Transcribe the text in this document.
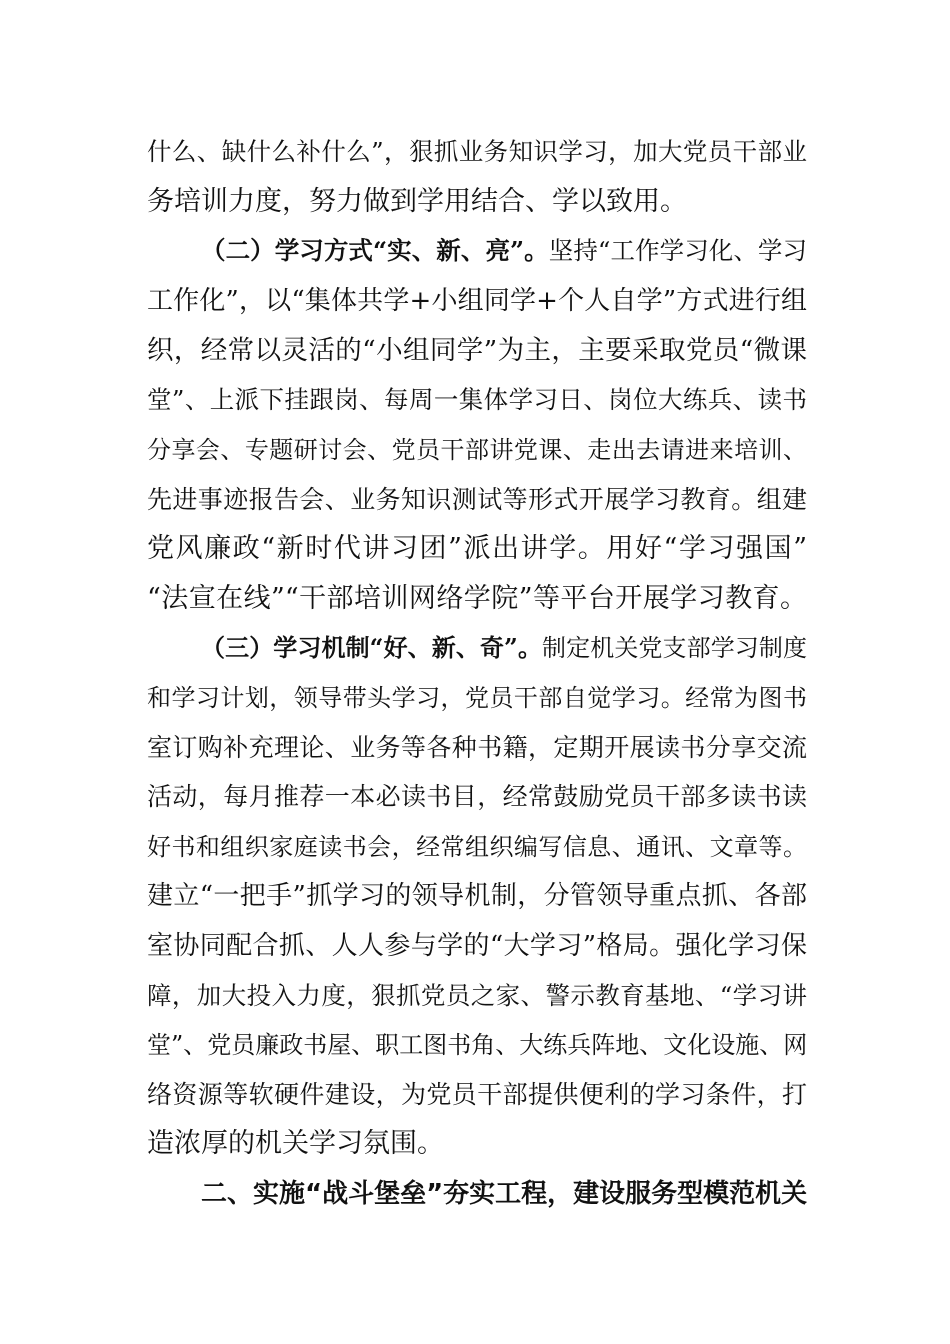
什么、缺什么补什么”，狠抓业务知识学习，加大党员干部业
务培训力度，努力做到学用结合、学以致用。
（二）学习方式“实、新、亮”。坚持“工作学习化、学习
工作化”，以“集体共学+小组同学+个人自学”方式进行组
织，经常以灵活的“小组同学”为主，主要采取党员“微课
堂”、上派下挂跟岗、每周一集体学习日、岗位大练兵、读书
分享会、专题研讨会、党员干部讲党课、走出去请进来培训、
先进事迹报告会、业务知识测试等形式开展学习教育。组建
党风廉政“新时代讲习团”派出讲学。用好“学习强国”
“法宣在线”“干部培训网络学院”等平台开展学习教育。
（三）学习机制“好、新、奇”。制定机关党支部学习制度
和学习计划，领导带头学习，党员干部自觉学习。经常为图书
室订购补充理论、业务等各种书籍，定期开展读书分享交流
活动，每月推荐一本必读书目，经常鼓励党员干部多读书读
好书和组织家庭读书会，经常组织编写信息、通讯、文章等。
建立“一把手”抓学习的领导机制，分管领导重点抓、各部
室协同配合抓、人人参与学的“大学习”格局。强化学习保
障，加大投入力度，狠抓党员之家、警示教育基地、“学习讲
堂”、党员廉政书屋、职工图书角、大练兵阵地、文化设施、网
络资源等软硬件建设，为党员干部提供便利的学习条件，打
造浓厚的机关学习氛围。
二、实施“战斗堡垒”夯实工程，建设服务型模范机关
